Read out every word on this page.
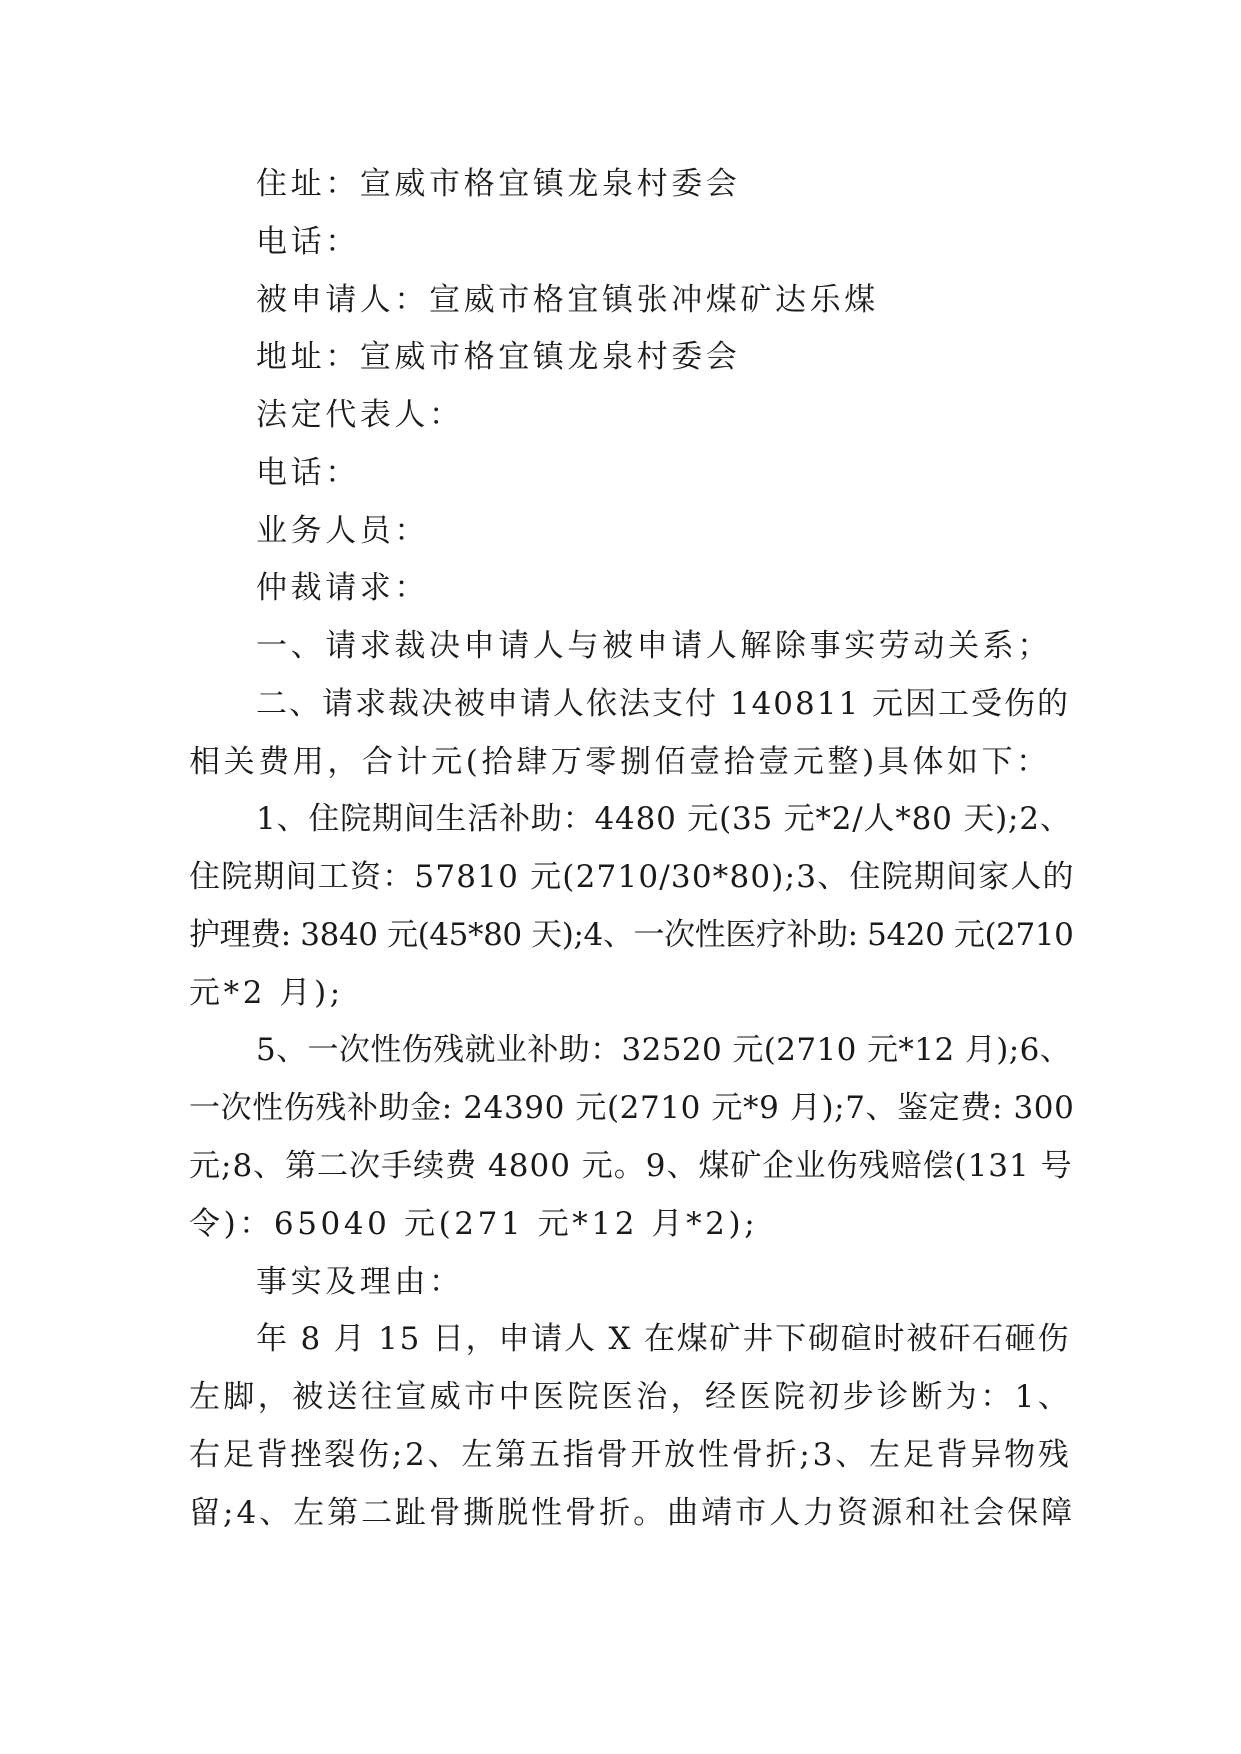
住址：宣威市格宜镇龙泉村委会
电话：
被申请人：宣威市格宜镇张冲煤矿达乐煤
地址：宣威市格宜镇龙泉村委会
法定代表人：
电话：
业务人员：
仲裁请求：
一、请求裁决申请人与被申请人解除事实劳动关系；
二、请求裁决被申请人依法支付 140811 元因工受伤的
相关费用，合计元(拾肆万零捌佰壹拾壹元整)具体如下：
1、住院期间生活补助：4480 元(35 元*2/人*80 天);2、
住院期间工资：57810 元(2710/30*80);3、住院期间家人的
护理费: 3840 元(45*80 天);4、一次性医疗补助: 5420 元(2710
元*2 月);
5、一次性伤残就业补助：32520 元(2710 元*12 月);6、
一次性伤残补助金: 24390 元(2710 元*9 月);7、鉴定费: 300
元;8、第二次手续费 4800 元。9、煤矿企业伤残赔偿(131 号
令)：65040 元(271 元*12 月*2);
事实及理由：
年 8 月 15 日，申请人 X 在煤矿井下砌碹时被矸石砸伤
左脚，被送往宣威市中医院医治，经医院初步诊断为：1、
右足背挫裂伤;2、左第五指骨开放性骨折;3、左足背异物残
留;4、左第二趾骨撕脱性骨折。曲靖市人力资源和社会保障
